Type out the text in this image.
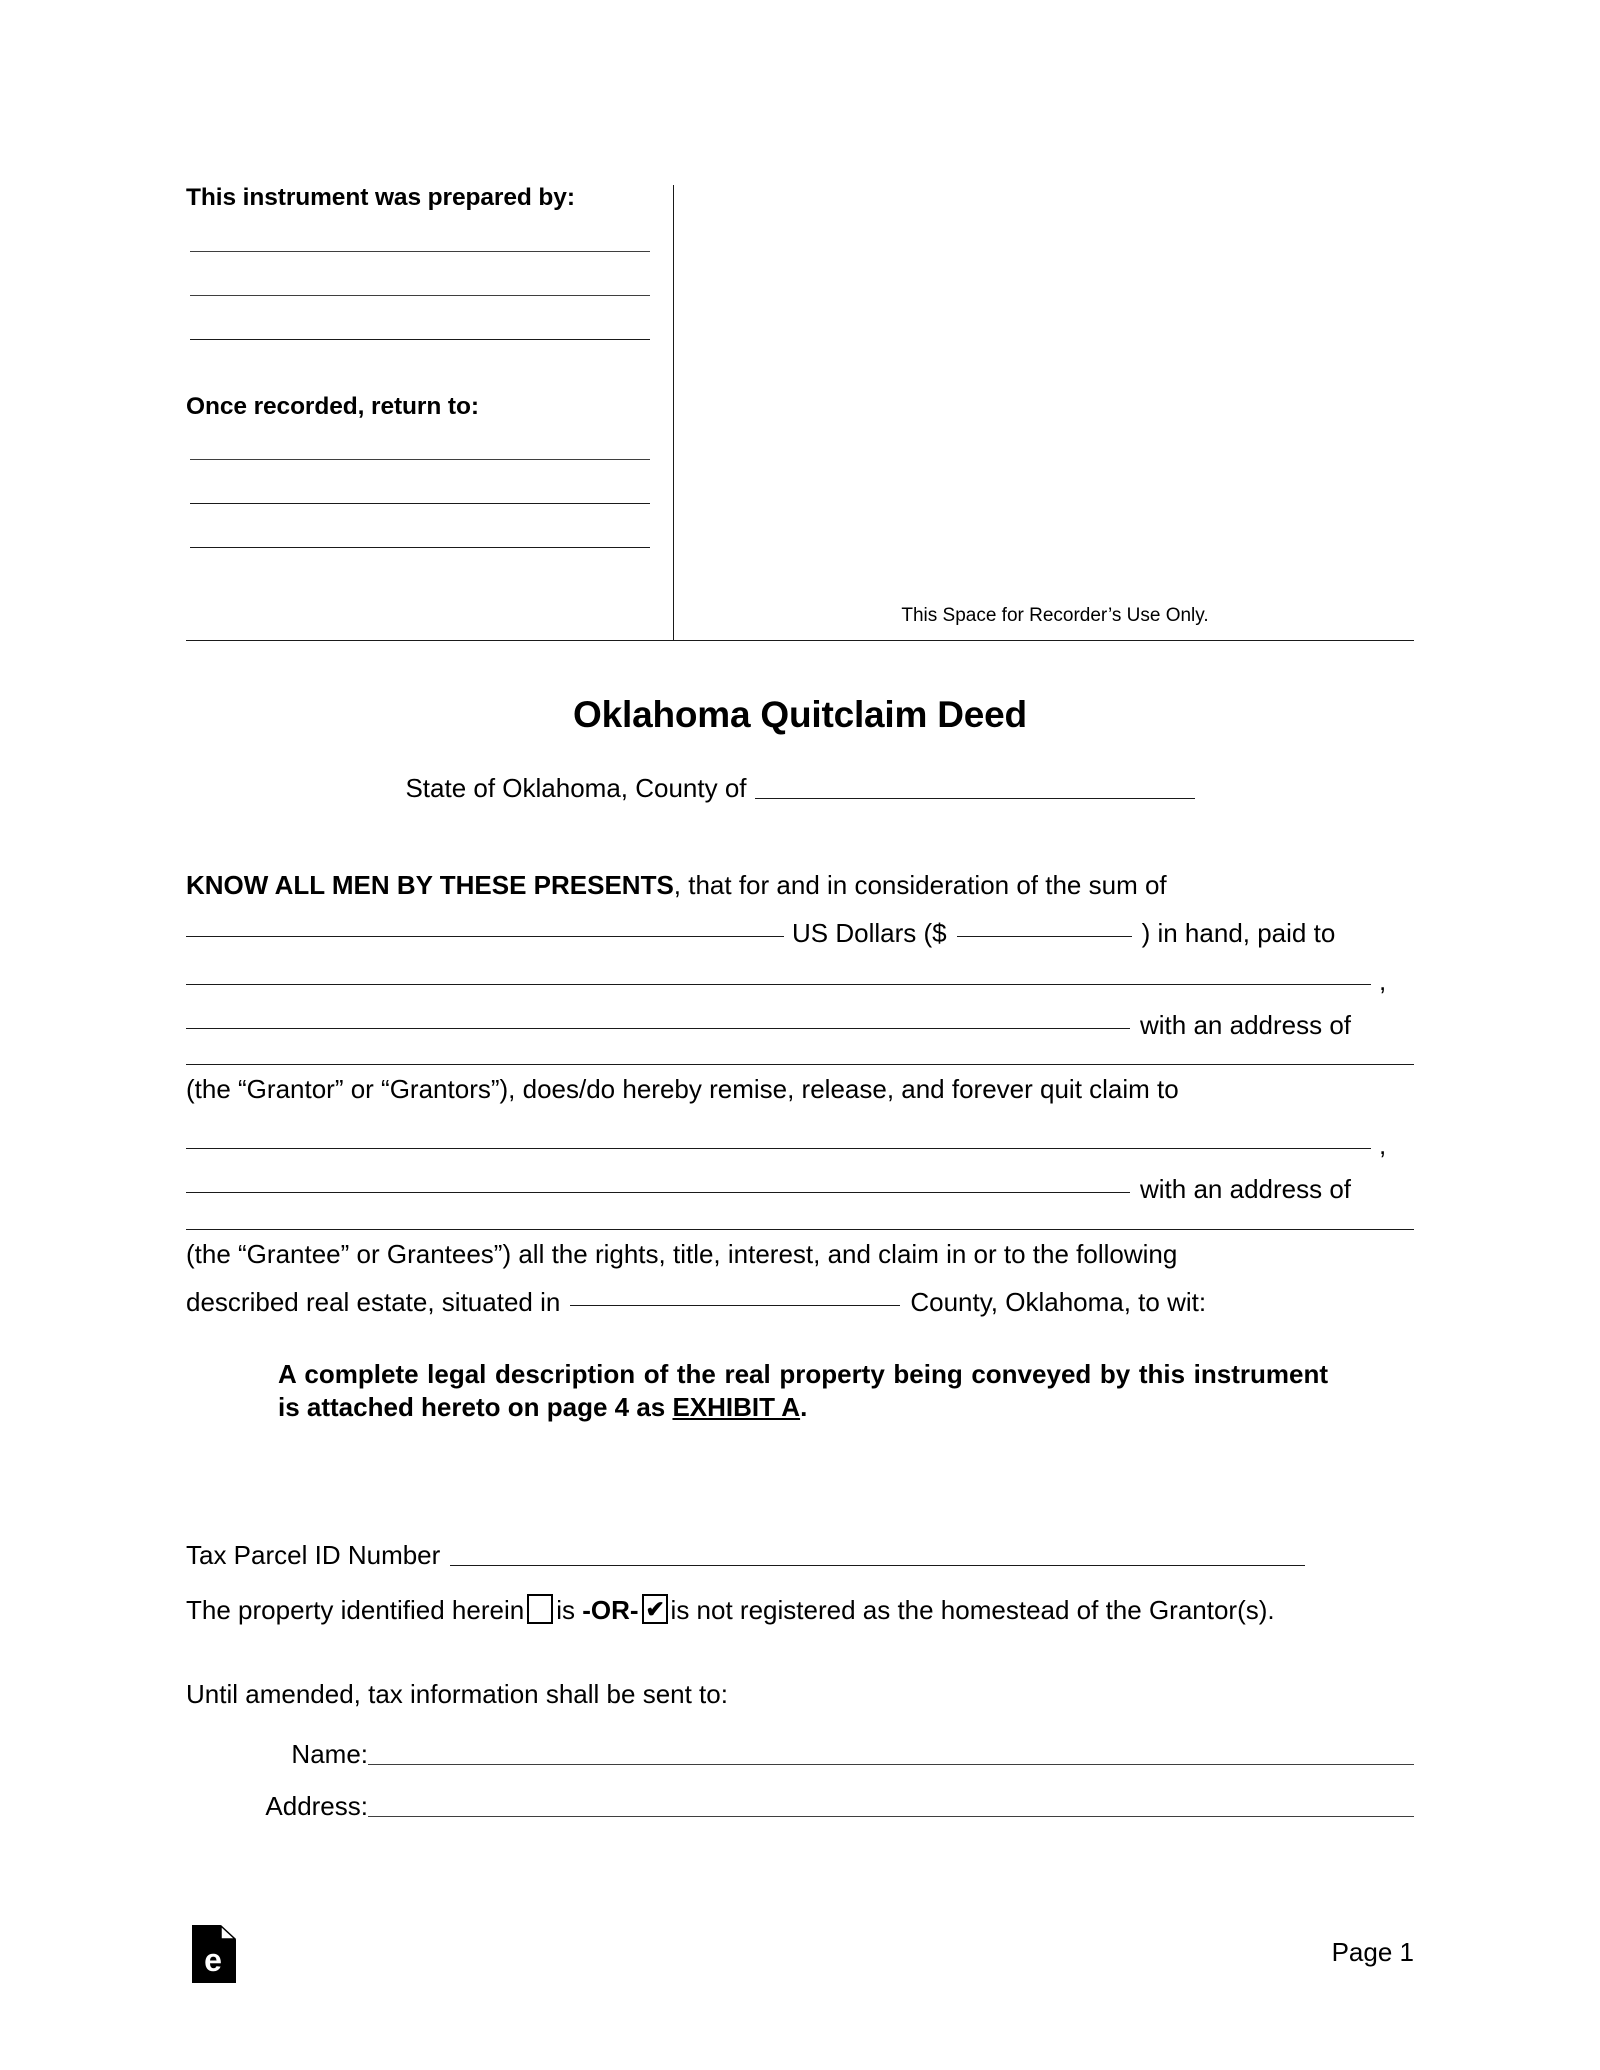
This instrument was prepared by:
Once recorded, return to:
This Space for Recorder’s Use Only.
Oklahoma Quitclaim Deed
State of Oklahoma, County of
KNOW ALL MEN BY THESE PRESENTS, that for and in consideration of the sum of
US Dollars ($	) in hand, paid to
,
with an address of
(the “Grantor” or “Grantors”), does/do hereby remise, release, and forever quit claim to
,
with an address of
(the “Grantee” or Grantees”) all the rights, title, interest, and claim in or to the following
described real estate, situated in	County, Oklahoma, to wit:
A complete legal description of the real property being conveyed by this instrument is attached hereto on page 4 as EXHIBIT A.
Tax Parcel ID Number
The property identified herein is -OR- ✔ is not registered as the homestead of the Grantor(s).
Until amended, tax information shall be sent to:
Name:
Address:
e	Page 1
